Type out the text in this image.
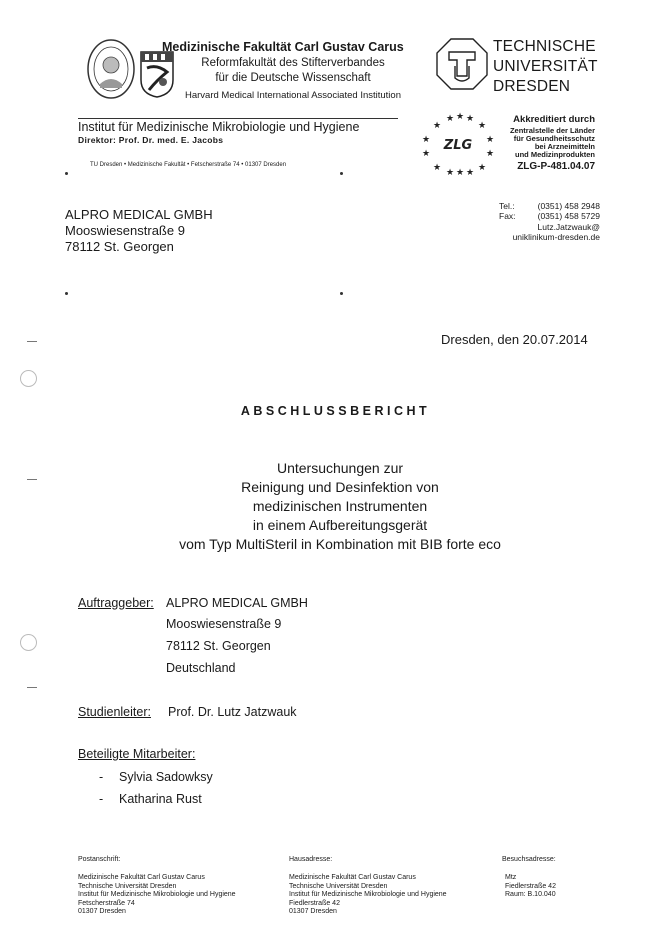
Medizinische Fakultät Carl Gustav Carus
Reformfakultät des Stifterverbandes
für die Deutsche Wissenschaft
Harvard Medical International Associated Institution
TECHNISCHE
UNIVERSITÄT
DRESDEN
Institut für Medizinische Mikrobiologie und Hygiene
Direktor: Prof. Dr. med. E. Jacobs
TU Dresden • Medizinische Fakultät • Fetscherstraße 74 • 01307 Dresden
★ ★ ★
★	★
★	★
★	★
★	★
★ ★ ★
ZLG
Akkreditiert durch
Zentralstelle der Länder
für Gesundheitsschutz
bei Arzneimitteln
und Medizinprodukten
ZLG-P-481.04.07
ALPRO MEDICAL GMBH
Mooswiesenstraße 9
78112 St. Georgen
Tel.:	(0351) 458 2948
Fax:	(0351) 458 5729
Lutz.Jatzwauk@
uniklinikum-dresden.de
Dresden, den 20.07.2014
ABSCHLUSSBERICHT
Untersuchungen zur
Reinigung und Desinfektion von
medizinischen Instrumenten
in einem Aufbereitungsgerät
vom Typ MultiSteril in Kombination mit BIB forte eco
Auftraggeber: ALPRO MEDICAL GMBH
Mooswiesenstraße 9
78112 St. Georgen
Deutschland
Studienleiter: Prof. Dr. Lutz Jatzwauk
Beteiligte Mitarbeiter:
- Sylvia Sadowksy
- Katharina Rust
Postanschrift:
Medizinische Fakultät Carl Gustav Carus
Technische Universität Dresden
Institut für Medizinische Mikrobiologie und Hygiene
Fetscherstraße 74
01307 Dresden
Hausadresse:
Medizinische Fakultät Carl Gustav Carus
Technische Universität Dresden
Institut für Medizinische Mikrobiologie und Hygiene
Fiedlerstraße 42
01307 Dresden
Besuchsadresse:
Mtz
Fiedlerstraße 42
Raum: B.10.040
